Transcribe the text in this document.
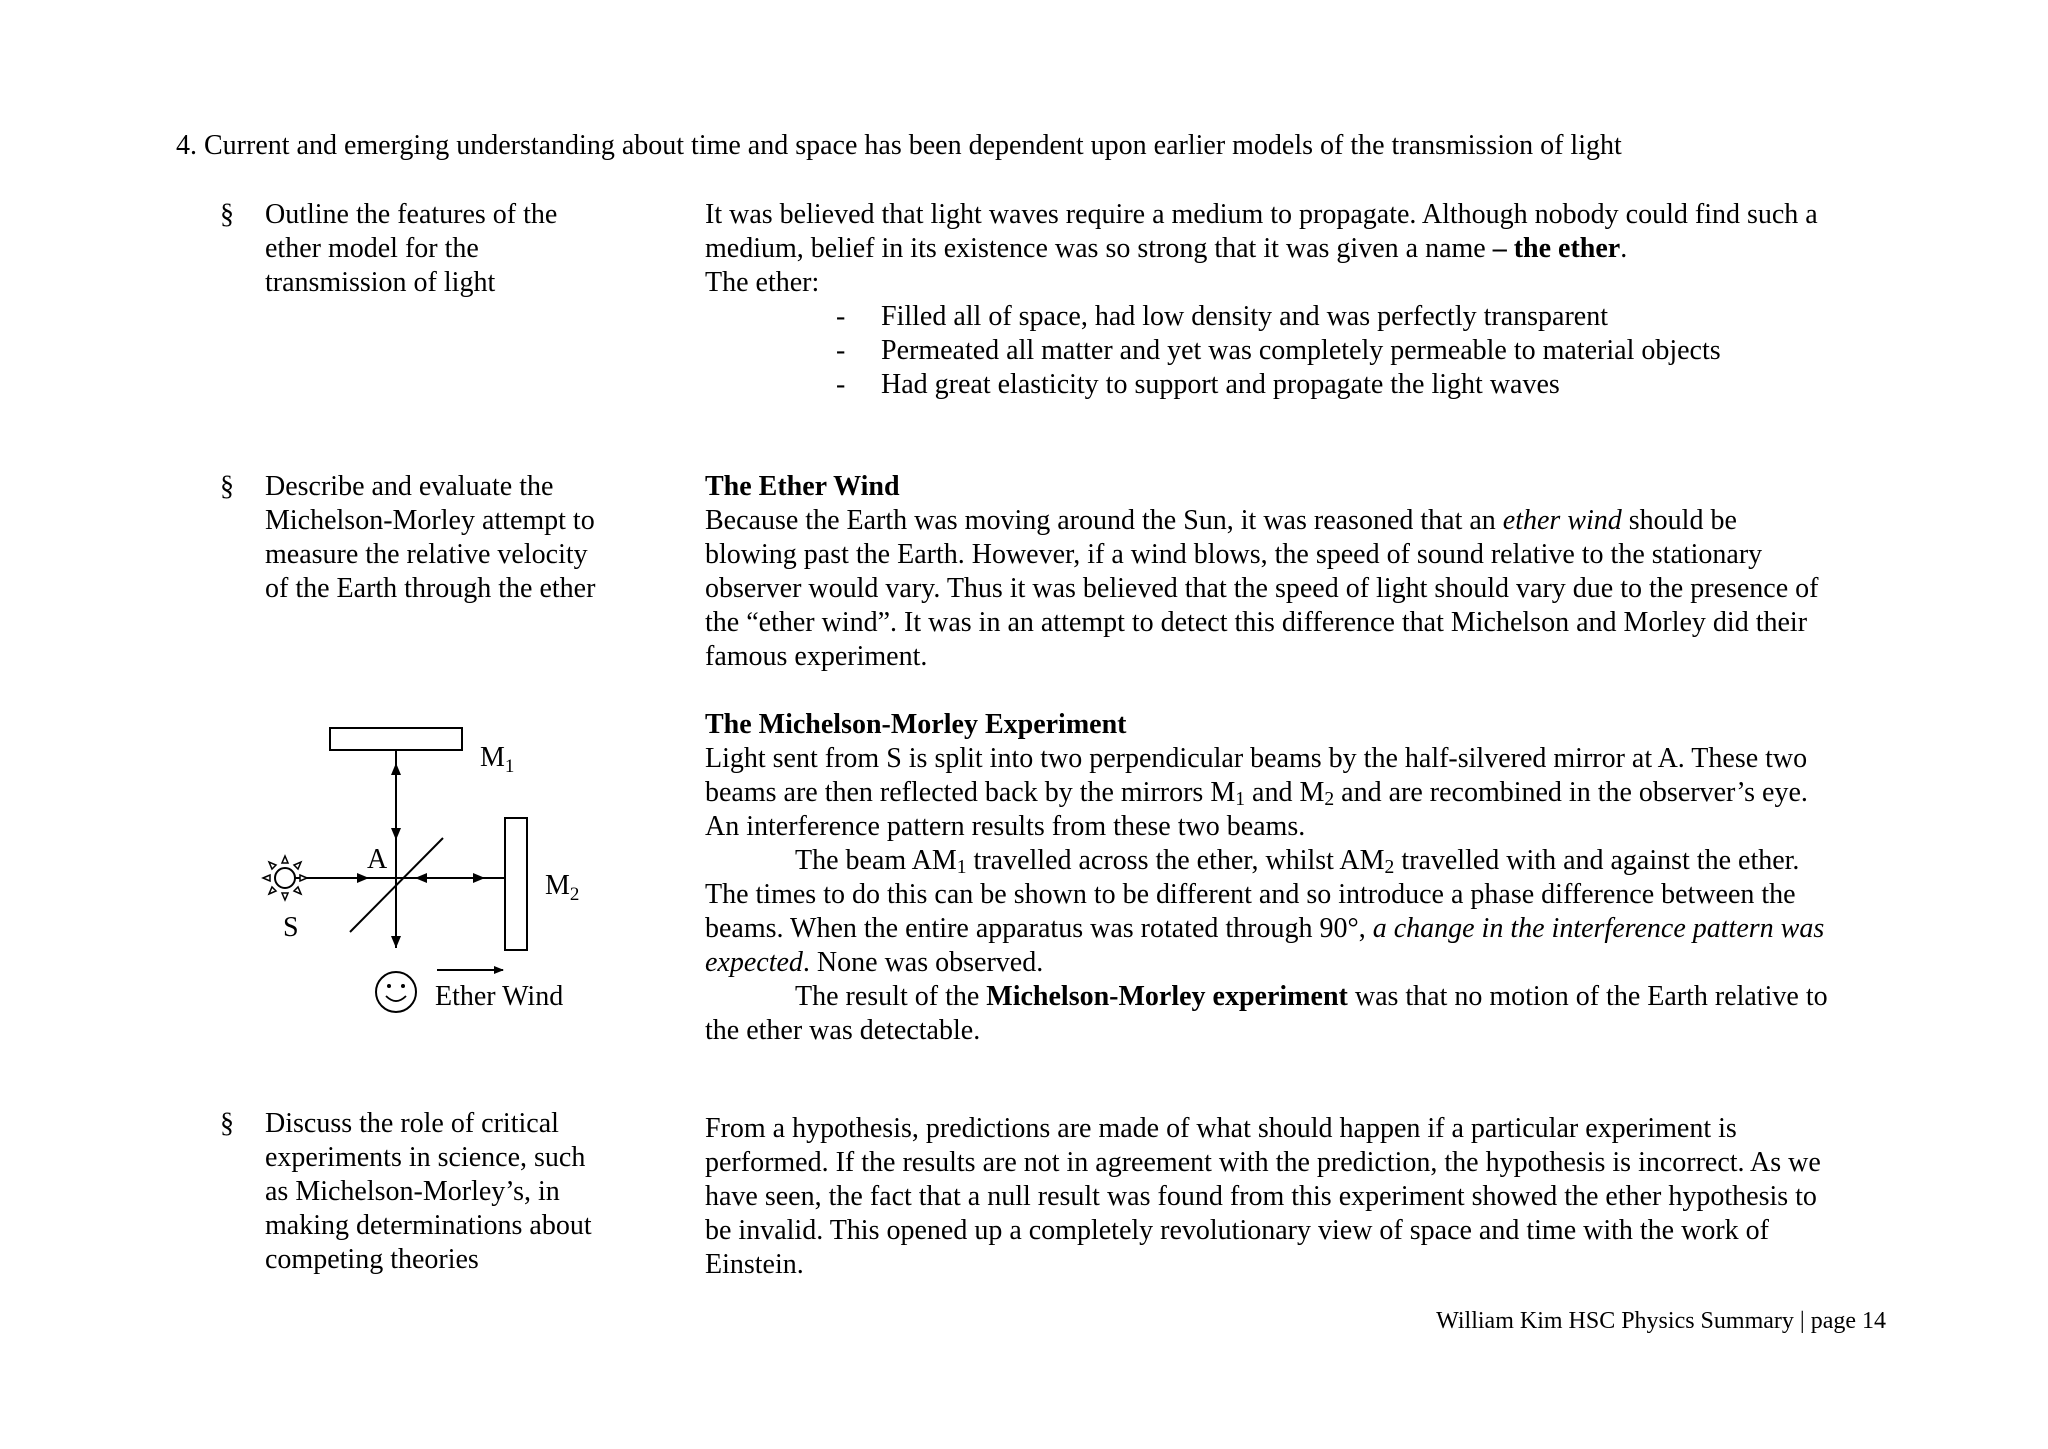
4. Current and emerging understanding about time and space has been dependent upon earlier models of the transmission of light
§ Outline the features of the
ether model for the
transmission of light
It was believed that light waves require a medium to propagate. Although nobody could find such a
medium, belief in its existence was so strong that it was given a name – the ether.
The ether:
- Filled all of space, had low density and was perfectly transparent
- Permeated all matter and yet was completely permeable to material objects
- Had great elasticity to support and propagate the light waves
§ Describe and evaluate the
Michelson-Morley attempt to
measure the relative velocity
of the Earth through the ether
The Ether Wind
Because the Earth was moving around the Sun, it was reasoned that an ether wind should be
blowing past the Earth. However, if a wind blows, the speed of sound relative to the stationary
observer would vary. Thus it was believed that the speed of light should vary due to the presence of
the “ether wind”. It was in an attempt to detect this difference that Michelson and Morley did their
famous experiment.

The Michelson-Morley Experiment
Light sent from S is split into two perpendicular beams by the half-silvered mirror at A. These two
beams are then reflected back by the mirrors $M_1$ and $M_2$ and are recombined in the observer’s eye.
An interference pattern results from these two beams.
The beam $AM_1$ travelled across the ether, whilst $AM_2$ travelled with and against the ether.
The times to do this can be shown to be different and so introduce a phase difference between the
beams. When the entire apparatus was rotated through 90°, a change in the interference pattern was
expected. None was observed.
The result of the Michelson-Morley experiment was that no motion of the Earth relative to
the ether was detectable.
$M_1$
$M_2$
A
S
Ether Wind
§ Discuss the role of critical
experiments in science, such
as Michelson-Morley’s, in
making determinations about
competing theories
From a hypothesis, predictions are made of what should happen if a particular experiment is
performed. If the results are not in agreement with the prediction, the hypothesis is incorrect. As we
have seen, the fact that a null result was found from this experiment showed the ether hypothesis to
be invalid. This opened up a completely revolutionary view of space and time with the work of
Einstein.
William Kim HSC Physics Summary | page 14
